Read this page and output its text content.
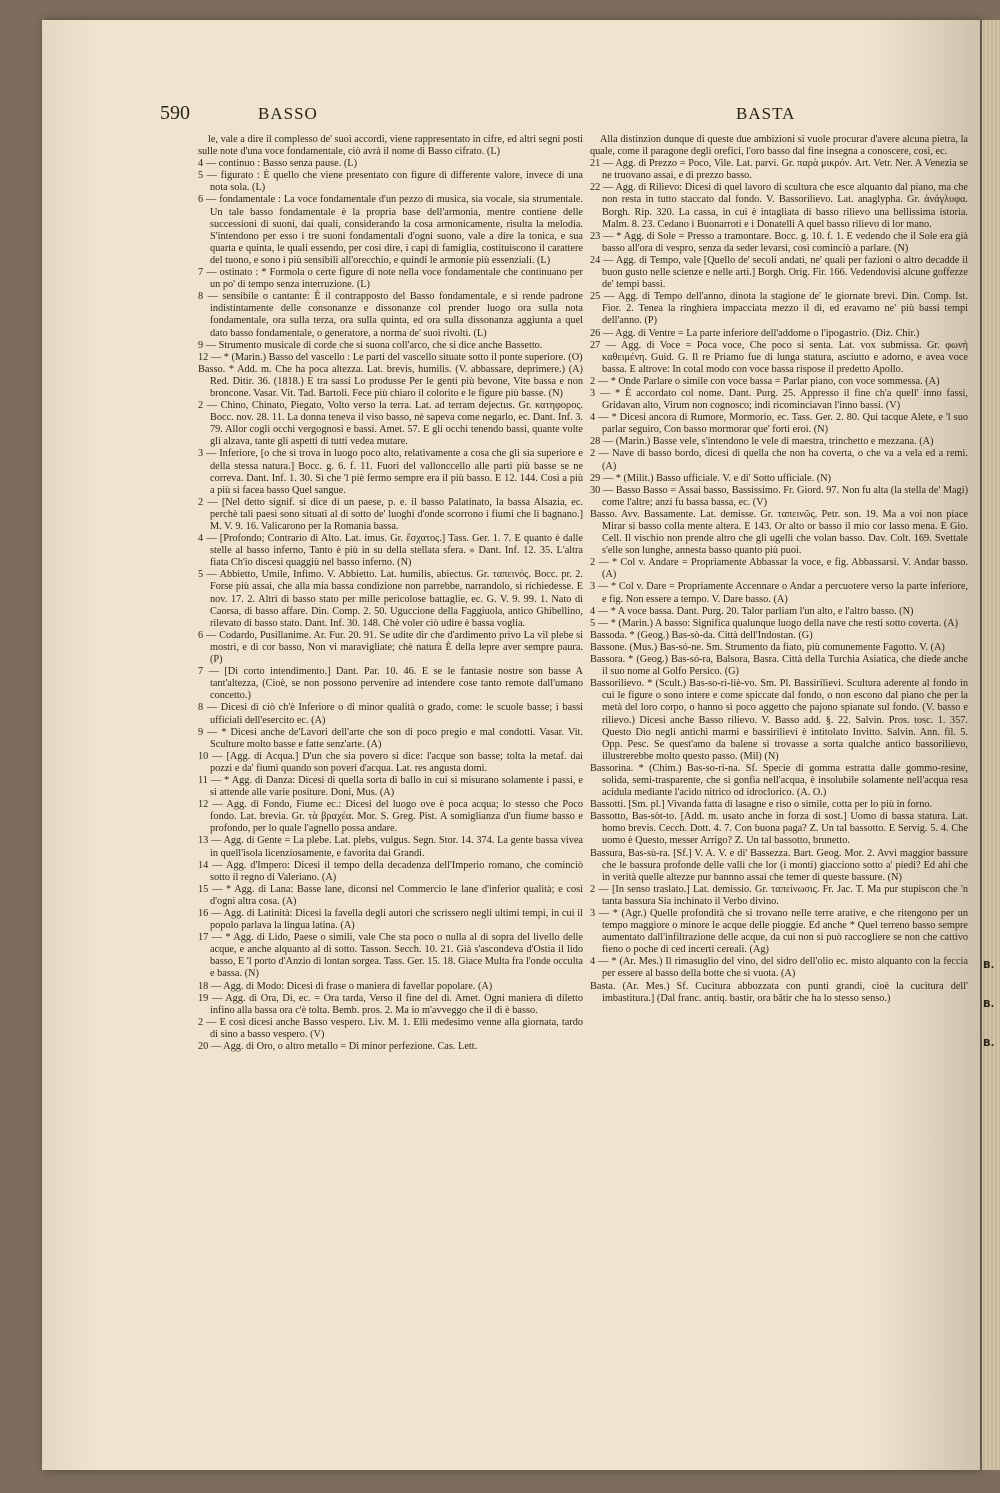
B.
B.
B.
590	BASSO	BASTA

le, vale a dire il complesso de' suoi accordi, viene rappresentato in cifre, ed altri segni posti sulle note d'una voce fondamentale, ciò avrà il nome di Basso cifrato. (L)

4 — continuo : Basso senza pause. (L)

5 — figurato : È quello che viene presentato con figure di differente valore, invece di una nota sola. (L)

6 — fondamentale : La voce fondamentale d'un pezzo di musica, sia vocale, sia strumentale. Un tale basso fondamentale è la propria base dell'armonia, mentre contiene delle successioni di suoni, dai quali, considerando la cosa armonicamente, risulta la melodia. S'intendono per esso i tre suoni fondamentali d'ogni suono, vale a dire la tonica, e sua quarta e quinta, le quali essendo, per così dire, i capi di famiglia, costituiscono il carattere del tuono, e sono i più sensibili all'orecchio, e quindi le armonie più essenziali. (L)

7 — ostinato : * Formola o certe figure di note nella voce fondamentale che continuano per un po' di tempo senza interruzione. (L)

8 — sensibile o cantante: È il contrapposto del Basso fondamentale, e si rende padrone indistintamente delle consonanze e dissonanze col prender luogo ora sulla nota fondamentale, ora sulla terza, ora sulla quinta, ed ora sulla dissonanza aggiunta a quel dato basso fondamentale, o generatore, a norma de' suoi rivolti. (L)

9 — Strumento musicale di corde che si suona coll'arco, che si dice anche Bassetto.

12 — * (Marin.) Basso del vascello : Le parti del vascello situate sotto il ponte superiore. (O)

Basso. * Add. m. Che ha poca altezza. Lat. brevis, humilis. (V. abbassare, deprimere.) (A) Red. Ditir. 36. (1818.) E tra sassi Lo produsse Per le genti più bevone, Vite bassa e non broncone. Vasar. Vit. Tad. Bartoli. Fece più chiaro il colorito e le figure più basse. (N)

2 — Chino, Chinato, Piegato, Volto verso la terra. Lat. ad terram dejectus. Gr. κατηφορος. Bocc. nov. 28. 11. La donna teneva il viso basso, nè sapeva come negarlo, ec. Dant. Inf. 3. 79. Allor cogli occhi vergognosi e bassi. Amet. 57. E gli occhi tenendo bassi, quante volte gli alzava, tante gli aspetti di tutti vedea mutare.

3 — Inferiore, [o che si trova in luogo poco alto, relativamente a cosa che gli sia superiore e della stessa natura.] Bocc. g. 6. f. 11. Fuori del vallonccello alle parti più basse se ne correva. Dant. Inf. 1. 30. Sì che 'l piè fermo sempre era il più basso. E 12. 144. Così a più a più si facea basso Quel sangue.

2 — [Nel detto signif. si dice di un paese, p. e. il basso Palatinato, la bassa Alsazia, ec. perchè tali paesi sono situati al di sotto de' luoghi d'onde scorrono i fiumi che li bagnano.] M. V. 9. 16. Valicarono per la Romania bassa.

4 — [Profondo; Contrario di Alto. Lat. imus. Gr. ἔσχατος.] Tass. Ger. 1. 7. E quanto è dalle stelle al basso inferno, Tanto è più in su della stellata sfera. » Dant. Inf. 12. 35. L'altra fiata Ch'io discesi quaggiù nel basso inferno. (N)

5 — Abbietto, Umile, Infimo. V. Abbietto. Lat. humilis, abiectus. Gr. ταπεινός. Bocc. pr. 2. Forse più assai, che alla mia bassa condizione non parrebbe, narrandolo, si richiedesse. E nov. 17. 2. Altri di basso stato per mille pericolose battaglie, ec. G. V. 9. 99. 1. Nato di Caorsa, di basso affare. Din. Comp. 2. 50. Uguccione della Faggiuola, antico Ghibellino, rilevato di basso stato. Dant. Inf. 30. 148. Chè voler ciò udire è bassa voglia.

6 — Codardo, Pusillanime. Ar. Fur. 20. 91. Se udite dir che d'ardimento privo La vil plebe si mostri, e di cor basso, Non vi maravigliate; chè natura È della lepre aver sempre paura. (P)

7 — [Di corto intendimento.] Dant. Par. 10. 46. E se le fantasie nostre son basse A tant'altezza, (Cioè, se non possono pervenire ad intendere cose tanto remote dall'umano concetto.)

8 — Dicesi di ciò ch'è Inferiore o di minor qualità o grado, come: le scuole basse; i bassi ufficiali dell'esercito ec. (A)

9 — * Dicesi anche de'Lavori dell'arte che son di poco pregio e mal condotti. Vasar. Vit. Sculture molto basse e fatte senz'arte. (A)

10 — [Agg. di Acqua.] D'un che sia povero si dice: l'acque son basse; tolta la metaf. dai pozzi e da' fiumi quando son poveri d'acqua. Lat. res angusta domi.

11 — * Agg. di Danza: Dicesi di quella sorta di ballo in cui si misurano solamente i passi, e si attende alle varie positure. Doni, Mus. (A)

12 — Agg. di Fondo, Fiume ec.: Dicesi del luogo ove è poca acqua; lo stesso che Poco fondo. Lat. brevia. Gr. τὰ βραχέα. Mor. S. Greg. Pist. A somiglianza d'un fiume basso e profondo, per lo quale l'agnello possa andare.

13 — Agg. di Gente = La plebe. Lat. plebs, vulgus. Segn. Stor. 14. 374. La gente bassa vivea in quell'isola licenziosamente, e favorita dai Grandi.

14 — Agg. d'Impero: Dicesi il tempo della decadenza dell'Imperio romano, che cominciò sotto il regno di Valeriano. (A)

15 — * Agg. di Lana: Basse lane, diconsi nel Commercio le lane d'inferior qualità; e così d'ogni altra cosa. (A)

16 — Agg. di Latinità: Dicesi la favella degli autori che scrissero negli ultimi tempi, in cui il popolo parlava la lingua latina. (A)

17 — * Agg. di Lido, Paese o simili, vale Che sta poco o nulla al di sopra del livello delle acque, e anche alquanto al di sotto. Tasson. Secch. 10. 21. Già s'ascondeva d'Ostia il lido basso, E 'l porto d'Anzio di lontan sorgea. Tass. Ger. 15. 18. Giace Multa fra l'onde occulta e bassa. (N)

18 — Agg. di Modo: Dicesi di frase o maniera di favellar popolare. (A)

19 — Agg. di Ora, Di, ec. = Ora tarda, Verso il fine del dì. Amet. Ogni maniera di diletto infino alla bassa ora c'è tolta. Bemb. pros. 2. Ma io m'avveggo che il dì è basso.

2 — E così dicesi anche Basso vespero. Liv. M. 1. Elli medesimo venne alla giornata, tardo di sino a basso vespero. (V)

20 — Agg. di Oro, o altro metallo = Di minor perfezione. Cas. Lett.

Alla distinzion dunque di queste due ambizioni si vuole procurar d'avere alcuna pietra, la quale, come il paragone degli orefici, l'oro basso dal fine insegna a conoscere, così, ec.

21 — Agg. di Prezzo = Poco, Vile. Lat. parvi. Gr. παρὰ μικρόν. Art. Vetr. Ner. A Venezia se ne truovano assai, e di prezzo basso.

22 — Agg. di Rilievo: Dicesi di quel lavoro di scultura che esce alquanto dal piano, ma che non resta in tutto staccato dal fondo. V. Bassorilievo. Lat. anaglypha. Gr. ἀνάγλυφα. Borgh. Rip. 320. La cassa, in cui è intagliata di basso rilievo una bellissima istoria. Malm. 8. 23. Cedano i Buonarroti e i Donatelli A quel basso rilievo di lor mano.

23 — * Agg. di Sole = Presso a tramontare. Bocc. g. 10. f. 1. E vedendo che il Sole era già basso all'ora di vespro, senza da seder levarsi, così cominciò a parlare. (N)

24 — Agg. di Tempo, vale [Quello de' secoli andati, ne' quali per fazioni o altro decadde il buon gusto nelle scienze e nelle arti.] Borgh. Orig. Fir. 166. Vedendovisi alcune goffezze de' tempi bassi.

25 — Agg. di Tempo dell'anno, dinota la stagione de' le giornate brevi. Din. Comp. Ist. Fior. 2. Tenea la ringhiera impacciata mezzo il dì, ed eravamo ne' più bassi tempi dell'anno. (P)

26 — Agg. di Ventre = La parte inferiore dell'addome o l'ipogastrio. (Diz. Chir.)

27 — Agg. di Voce = Poca voce, Che poco si senta. Lat. vox submissa. Gr. φωνὴ καθειμένη. Guid. G. Il re Priamo fue di lunga statura, asciutto e adorno, e avea voce bassa. E altrove: In cotal modo con voce bassa rispose il predetto Apollo.

2 — * Onde Parlare o simile con voce bassa = Parlar piano, con voce sommessa. (A)

3 — * È accordato col nome. Dant. Purg. 25. Appresso il fine ch'a quell' inno fassi, Gridavan alto, Virum non cognosco; indi ricominciavan l'inno bassi. (V)

4 — * Dicesi ancora di Rumore, Mormorio, ec. Tass. Ger. 2. 80. Qui tacque Alete, e 'l suo parlar seguiro, Con basso mormorar que' forti eroi. (N)

28 — (Marin.) Basse vele, s'intendono le vele di maestra, trinchetto e mezzana. (A)

2 — Nave di basso bordo, dicesi di quella che non ha coverta, o che va a vela ed a remi. (A)

29 — * (Milit.) Basso ufficiale. V. e di' Sotto ufficiale. (N)

30 — Basso Basso = Assai basso, Bassissimo. Fr. Giord. 97. Non fu alta (la stella de' Magi) come l'altre; anzi fu bassa bassa, ec. (V)

Basso. Avv. Bassamente. Lat. demisse. Gr. ταπεινῶς. Petr. son. 19. Ma a voi non piace Mirar sì basso colla mente altera. E 143. Or alto or basso il mio cor lasso mena. E Gio. Cell. Il vischio non prende altro che gli ugelli che volan basso. Dav. Colt. 169. Svettale s'elle son lunghe, annesta basso quanto più puoi.

2 — * Col v. Andare = Propriamente Abbassar la voce, e fig. Abbassarsi. V. Andar basso. (A)

3 — * Col v. Dare = Propriamente Accennare o Andar a percuotere verso la parte inferiore, e fig. Non essere a tempo. V. Dare basso. (A)

4 — * A voce bassa. Dant. Purg. 20. Talor parliam l'un alto, e l'altro basso. (N)

5 — * (Marin.) A basso: Significa qualunque luogo della nave che resti sotto coverta. (A)

Bassoda. * (Geog.) Bas-sò-da. Città dell'Indostan. (G)

Bassone. (Mus.) Bas-só-ne. Sm. Strumento da fiato, più comunemente Fagotto. V. (A)

Bassora. * (Geog.) Bas-só-ra, Balsora, Basra. Città della Turchia Asiatica, che diede anche il suo nome al Golfo Persico. (G)

Bassorilievo. * (Scult.) Bas-so-ri-liè-vo. Sm. Pl. Bassirilievi. Scultura aderente al fondo in cui le figure o sono intere e come spiccate dal fondo, o non escono dal piano che per la metà del loro corpo, o hanno sì poco aggetto che pajono spianate sul fondo. (V. basso e rilievo.) Dicesi anche Basso rilievo. V. Basso add. §. 22. Salvin. Pros. tosc. 1. 357. Questo Dio negli antichi marmi e bassirilievi è intitolato Invitto. Salvin. Ann. fil. 5. Opp. Pesc. Se quest'amo da balene si trovasse a sorta qualche antico bassorilievo, illustrerebbe molto questo passo. (Mil) (N)

Bassorina. * (Chim.) Bas-so-ri-na. Sf. Specie di gomma estratta dalle gommo-resine, solida, semi-trasparente, che si gonfia nell'acqua, è insolubile solamente nell'acqua resa acidula mediante l'acido nitrico od idroclorico. (A. O.)

Bassotti. [Sm. pl.] Vivanda fatta di lasagne e riso o simile, cotta per lo più in forno.

Bassotto, Bas-sòt-to. [Add. m. usato anche in forza di sost.] Uomo di bassa statura. Lat. homo brevis. Cecch. Dott. 4. 7. Con buona paga? Z. Un tal bassotto. E Servig. 5. 4. Che uomo è Questo, messer Arrigo? Z. Un tal bassotto, brunetto.

Bassura, Bas-sù-ra. [Sf.] V. A. V. e di' Bassezza. Bart. Geog. Mor. 2. Avvi maggior bassure che le bassura profonde delle valli che lor (i monti) giacciono sotto a' piedi? Ed ahi che in verità quelle altezze pur bannno assai che temer di queste bassure. (N)

2 — [In senso traslato.] Lat. demissio. Gr. ταπείνωσις. Fr. Jac. T. Ma pur stupiscon che 'n tanta bassura Sia inchinato il Verbo divino.

3 — * (Agr.) Quelle profondità che si trovano nelle terre arative, e che ritengono per un tempo maggiore o minore le acque delle pioggie. Ed anche * Quel terreno basso sempre aumentato dall'infiltrazione delle acque, da cui non si può raccogliere se non che cattivo fieno o poche di ced incerti cereali. (Ag)

4 — * (Ar. Mes.) Il rimasuglio del vino, del sidro dell'olio ec. misto alquanto con la feccia per essere al basso della botte che si vuota. (A)

Basta. (Ar. Mes.) Sf. Cucitura abbozzata con punti grandi, cioè la cucitura dell' imbastitura.] (Dal franc. antiq. bastir, ora bâtir che ha lo stesso senso.)
